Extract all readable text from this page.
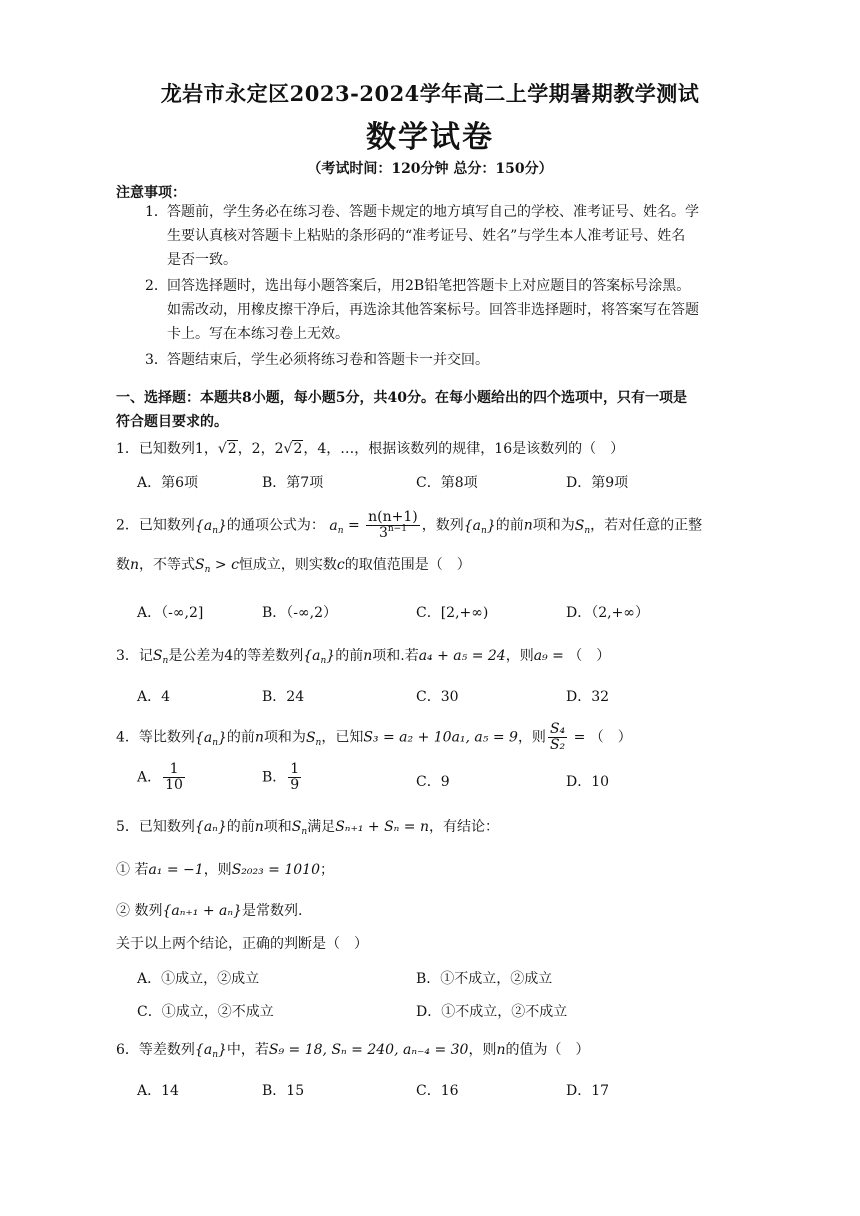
龙岩市永定区2023-2024学年高二上学期暑期教学测试
数学试卷
（考试时间：120分钟 总分：150分）
注意事项：
1． 答题前，学生务必在练习卷、答题卡规定的地方填写自己的学校、准考证号、姓名。学
生要认真核对答题卡上粘贴的条形码的“准考证号、姓名”与学生本人准考证号、姓名
是否一致。
2． 回答选择题时，选出每小题答案后，用2B铅笔把答题卡上对应题目的答案标号涂黑。
如需改动，用橡皮擦干净后，再选涂其他答案标号。回答非选择题时，将答案写在答题
卡上。写在本练习卷上无效。
3． 答题结束后，学生必须将练习卷和答题卡一并交回。
一、选择题：本题共8小题，每小题5分，共40分。在每小题给出的四个选项中，只有一项是
符合题目要求的。
1．已知数列1，√2，2，2√2，4，…，根据该数列的规律，16是该数列的（　）
A．第6项	B．第7项	C．第8项	D．第9项
2．已知数列$\{a_n\}$的通项公式为： $a_n = \frac{n(n+1)}{3^{n-1}}$ ，数列$\{a_n\}$的前n项和为$S_n$，若对任意的正整
数n，不等式$S_n > c$恒成立，则实数c的取值范围是（　）
A．（-∞,2]	B．（-∞,2）	C．[2,+∞)	D．（2,+∞）
3．记$S_n$是公差为4的等差数列$\{a_n\}$的前n项和.若a₄ + a₅ = 24，则a₉ = （　）
A．4	B．24	C．30	D．32
4．等比数列$\{a_n\}$的前n项和为$S_n$，已知S₃ = a₂ + 10a₁, a₅ = 9，则 $\frac{\text{S₄}}{\text{S₂}}$ = （　）
A． $\frac{1}{10}$	B． $\frac{1}{9}$	C．9	D．10
5．已知数列{aₙ}的前n项和$S_n$满足Sₙ₊₁ + Sₙ = n，有结论：
① 若a₁ = −1，则S₂₀₂₃ = 1010；
② 数列{aₙ₊₁ + aₙ}是常数列.
关于以上两个结论，正确的判断是（　）
A．①成立，②成立	B．①不成立，②成立
C．①成立，②不成立	D．①不成立，②不成立
6．等差数列$\{a_n\}$中，若S₉ = 18, Sₙ = 240, aₙ₋₄ = 30，则n的值为（　）
A．14	B．15	C．16	D．17
